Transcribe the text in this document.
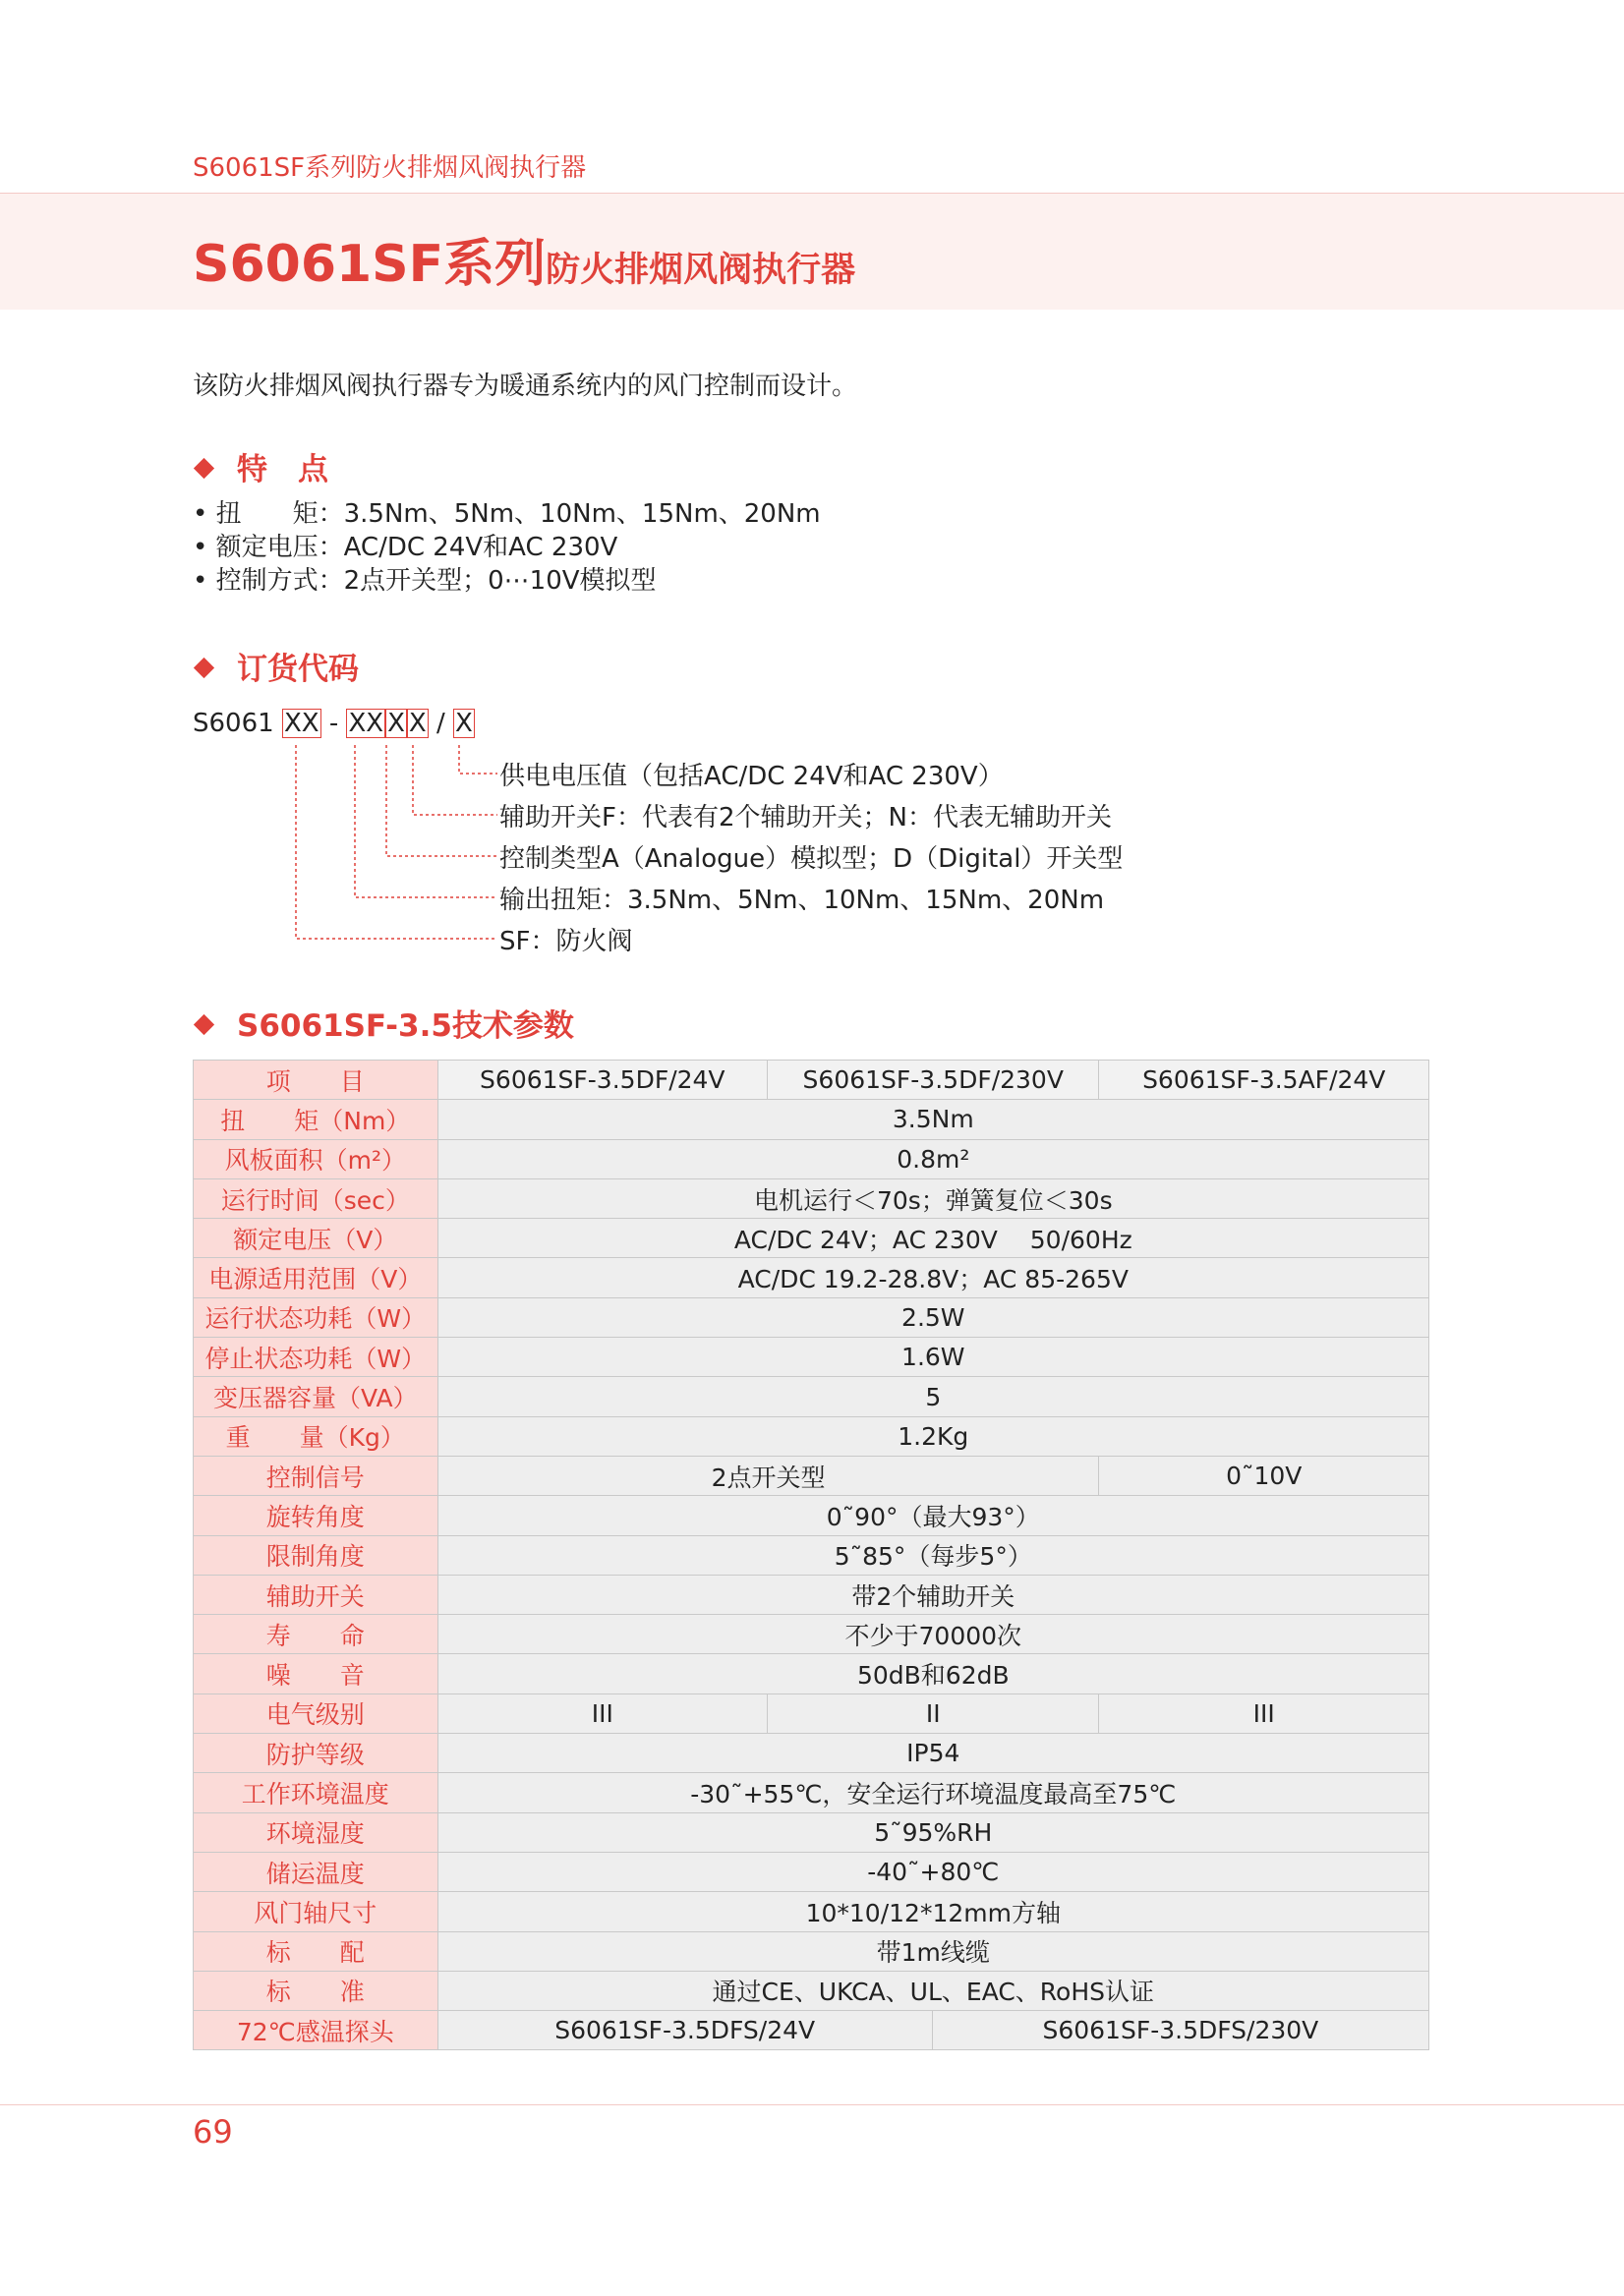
S6061SF系列防火排烟风阀执行器
S6061SF系列防火排烟风阀执行器
该防火排烟风阀执行器专为暖通系统内的风门控制而设计。
特　点
• 扭　　矩：3.5Nm、5Nm、10Nm、15Nm、20Nm
• 额定电压：AC/DC 24V和AC 230V
• 控制方式：2点开关型；0⋯10V模拟型
订货代码
S6061 XX - XX X X / X
供电电压值（包括AC/DC 24V和AC 230V）
辅助开关F：代表有2个辅助开关；N：代表无辅助开关
控制类型A（Analogue）模拟型；D（Digital）开关型
输出扭矩：3.5Nm、5Nm、10Nm、15Nm、20Nm
SF：防火阀
S6061SF-3.5技术参数
项　　目	S6061SF-3.5DF/24V	S6061SF-3.5DF/230V		S6061SF-3.5AF/24V
扭　　矩（Nm）	3.5Nm			
风板面积（m²）	0.8m²			
运行时间（sec）	电机运行＜70s；弹簧复位＜30s			
额定电压（V）	AC/DC 24V；AC 230V　 50/60Hz			
电源适用范围（V）	AC/DC 19.2-28.8V；AC 85-265V			
运行状态功耗（W）	2.5W			
停止状态功耗（W）	1.6W			
变压器容量（VA）	5			
重　　量（Kg）	1.2Kg			
控制信号	2点开关型			0˜10V
旋转角度	0˜90°（最大93°）			
限制角度	5˜85°（每步5°）			
辅助开关	带2个辅助开关			
寿　　命	不少于70000次			
噪　　音	50dB和62dB			
电气级别	III	II		III
防护等级	IP54			
工作环境温度	-30˜+55℃，安全运行环境温度最高至75℃			
环境湿度	5˜95%RH			
储运温度	-40˜+80℃			
风门轴尺寸	10*10/12*12mm方轴			
标　　配	带1m线缆			
标　　准	通过CE、UKCA、UL、EAC、RoHS认证			
72℃感温探头	S6061SF-3.5DFS/24V		S6061SF-3.5DFS/230V	
69
